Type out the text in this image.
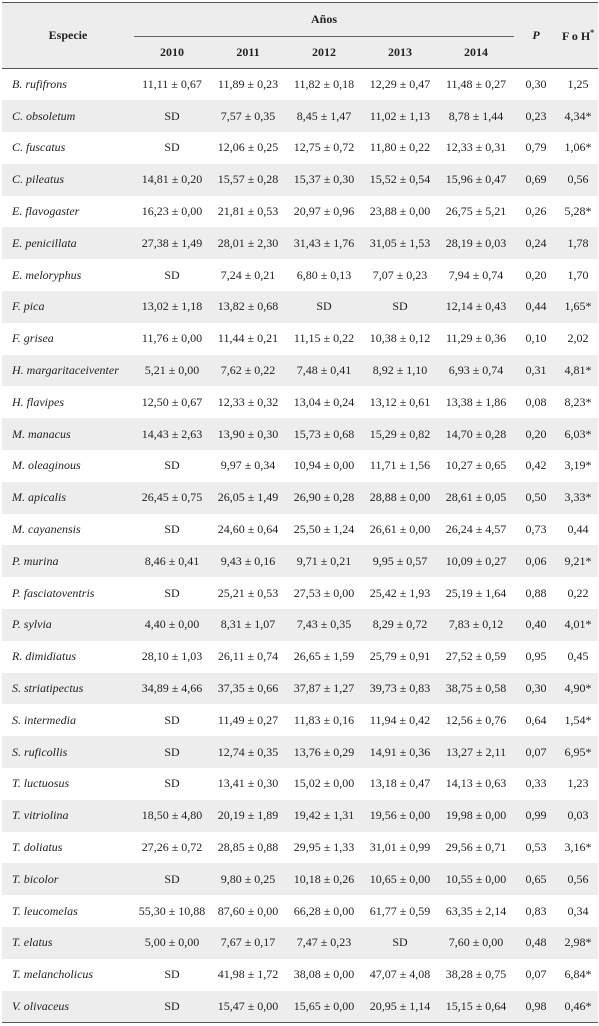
Especie	Años					P	F o H*
	2010	2011	2012	2013	2014		
B. rufifrons	11,11 ± 0,67	11,89 ± 0,23	11,82 ± 0,18	12,29 ± 0,47	11,48 ± 0,27	0,30	1,25
C. obsoletum	SD	7,57 ± 0,35	8,45 ± 1,47	11,02 ± 1,13	8,78 ± 1,44	0,23	4,34*
C. fuscatus	SD	12,06 ± 0,25	12,75 ± 0,72	11,80 ± 0,22	12,33 ± 0,31	0,79	1,06*
C. pileatus	14,81 ± 0,20	15,57 ± 0,28	15,37 ± 0,30	15,52 ± 0,54	15,96 ± 0,47	0,69	0,56
E. flavogaster	16,23 ± 0,00	21,81 ± 0,53	20,97 ± 0,96	23,88 ± 0,00	26,75 ± 5,21	0,26	5,28*
E. penicillata	27,38 ± 1,49	28,01 ± 2,30	31,43 ± 1,76	31,05 ± 1,53	28,19 ± 0,03	0,24	1,78
E. meloryphus	SD	7,24 ± 0,21	6,80 ± 0,13	7,07 ± 0,23	7,94 ± 0,74	0,20	1,70
F. pica	13,02 ± 1,18	13,82 ± 0,68	SD	SD	12,14 ± 0,43	0,44	1,65*
F. grisea	11,76 ± 0,00	11,44 ± 0,21	11,15 ± 0,22	10,38 ± 0,12	11,29 ± 0,36	0,10	2,02
H. margaritaceiventer	5,21 ± 0,00	7,62 ± 0,22	7,48 ± 0,41	8,92 ± 1,10	6,93 ± 0,74	0,31	4,81*
H. flavipes	12,50 ± 0,67	12,33 ± 0,32	13,04 ± 0,24	13,12 ± 0,61	13,38 ± 1,86	0,08	8,23*
M. manacus	14,43 ± 2,63	13,90 ± 0,30	15,73 ± 0,68	15,29 ± 0,82	14,70 ± 0,28	0,20	6,03*
M. oleaginous	SD	9,97 ± 0,34	10,94 ± 0,00	11,71 ± 1,56	10,27 ± 0,65	0,42	3,19*
M. apicalis	26,45 ± 0,75	26,05 ± 1,49	26,90 ± 0,28	28,88 ± 0,00	28,61 ± 0,05	0,50	3,33*
M. cayanensis	SD	24,60 ± 0,64	25,50 ± 1,24	26,61 ± 0,00	26,24 ± 4,57	0,73	0,44
P. murina	8,46 ± 0,41	9,43 ± 0,16	9,71 ± 0,21	9,95 ± 0,57	10,09 ± 0,27	0,06	9,21*
P. fasciatoventris	SD	25,21 ± 0,53	27,53 ± 0,00	25,42 ± 1,93	25,19 ± 1,64	0,88	0,22
P. sylvia	4,40 ± 0,00	8,31 ± 1,07	7,43 ± 0,35	8,29 ± 0,72	7,83 ± 0,12	0,40	4,01*
R. dimidiatus	28,10 ± 1,03	26,11 ± 0,74	26,65 ± 1,59	25,79 ± 0,91	27,52 ± 0,59	0,95	0,45
S. striatipectus	34,89 ± 4,66	37,35 ± 0,66	37,87 ± 1,27	39,73 ± 0,83	38,75 ± 0,58	0,30	4,90*
S. intermedia	SD	11,49 ± 0,27	11,83 ± 0,16	11,94 ± 0,42	12,56 ± 0,76	0,64	1,54*
S. ruficollis	SD	12,74 ± 0,35	13,76 ± 0,29	14,91 ± 0,36	13,27 ± 2,11	0,07	6,95*
T. luctuosus	SD	13,41 ± 0,30	15,02 ± 0,00	13,18 ± 0,47	14,13 ± 0,63	0,33	1,23
T. vitriolina	18,50 ± 4,80	20,19 ± 1,89	19,42 ± 1,31	19,56 ± 0,00	19,98 ± 0,00	0,99	0,03
T. doliatus	27,26 ± 0,72	28,85 ± 0,88	29,95 ± 1,33	31,01 ± 0,99	29,56 ± 0,71	0,53	3,16*
T. bicolor	SD	9,80 ± 0,25	10,18 ± 0,26	10,65 ± 0,00	10,55 ± 0,00	0,65	0,56
T. leucomelas	55,30 ± 10,88	87,60 ± 0,00	66,28 ± 0,00	61,77 ± 0,59	63,35 ± 2,14	0,83	0,34
T. elatus	5,00 ± 0,00	7,67 ± 0,17	7,47 ± 0,23	SD	7,60 ± 0,00	0,48	2,98*
T. melancholicus	SD	41,98 ± 1,72	38,08 ± 0,00	47,07 ± 4,08	38,28 ± 0,75	0,07	6,84*
V. olivaceus	SD	15,47 ± 0,00	15,65 ± 0,00	20,95 ± 1,14	15,15 ± 0,64	0,98	0,46*
